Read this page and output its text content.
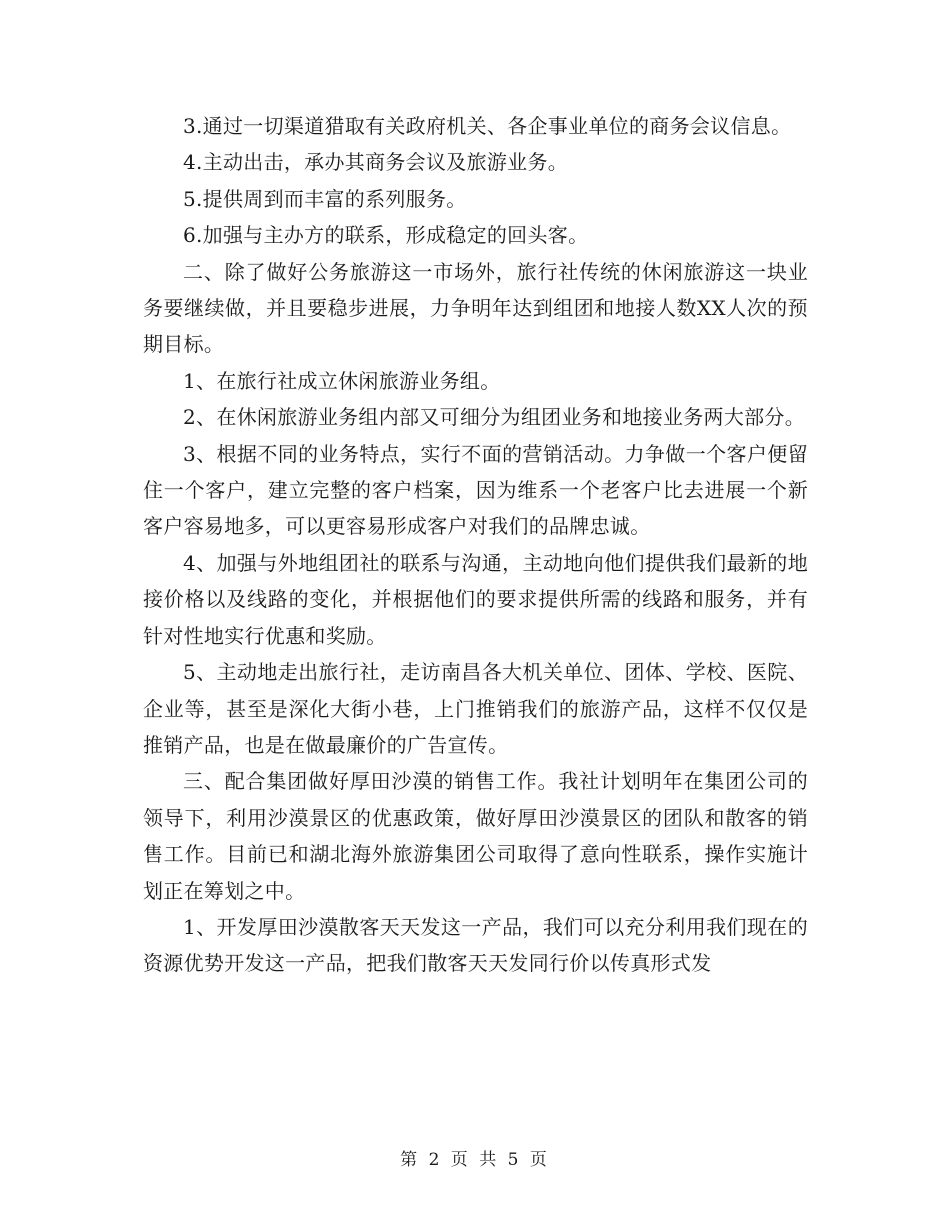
3.通过一切渠道猎取有关政府机关、各企事业单位的商务会议信息。

4.主动出击，承办其商务会议及旅游业务。

5.提供周到而丰富的系列服务。

6.加强与主办方的联系，形成稳定的回头客。

二、除了做好公务旅游这一市场外，旅行社传统的休闲旅游这一块业务要继续做，并且要稳步进展，力争明年达到组团和地接人数XX人次的预期目标。

1、在旅行社成立休闲旅游业务组。

2、在休闲旅游业务组内部又可细分为组团业务和地接业务两大部分。

3、根据不同的业务特点，实行不面的营销活动。力争做一个客户便留住一个客户，建立完整的客户档案，因为维系一个老客户比去进展一个新客户容易地多，可以更容易形成客户对我们的品牌忠诚。

4、加强与外地组团社的联系与沟通，主动地向他们提供我们最新的地接价格以及线路的变化，并根据他们的要求提供所需的线路和服务，并有针对性地实行优惠和奖励。

5、主动地走出旅行社，走访南昌各大机关单位、团体、学校、医院、企业等，甚至是深化大街小巷，上门推销我们的旅游产品，这样不仅仅是推销产品，也是在做最廉价的广告宣传。

三、配合集团做好厚田沙漠的销售工作。我社计划明年在集团公司的领导下，利用沙漠景区的优惠政策，做好厚田沙漠景区的团队和散客的销售工作。目前已和湖北海外旅游集团公司取得了意向性联系，操作实施计划正在筹划之中。

1、开发厚田沙漠散客天天发这一产品，我们可以充分利用我们现在的资源优势开发这一产品，把我们散客天天发同行价以传真形式发

第 2 页 共 5 页
